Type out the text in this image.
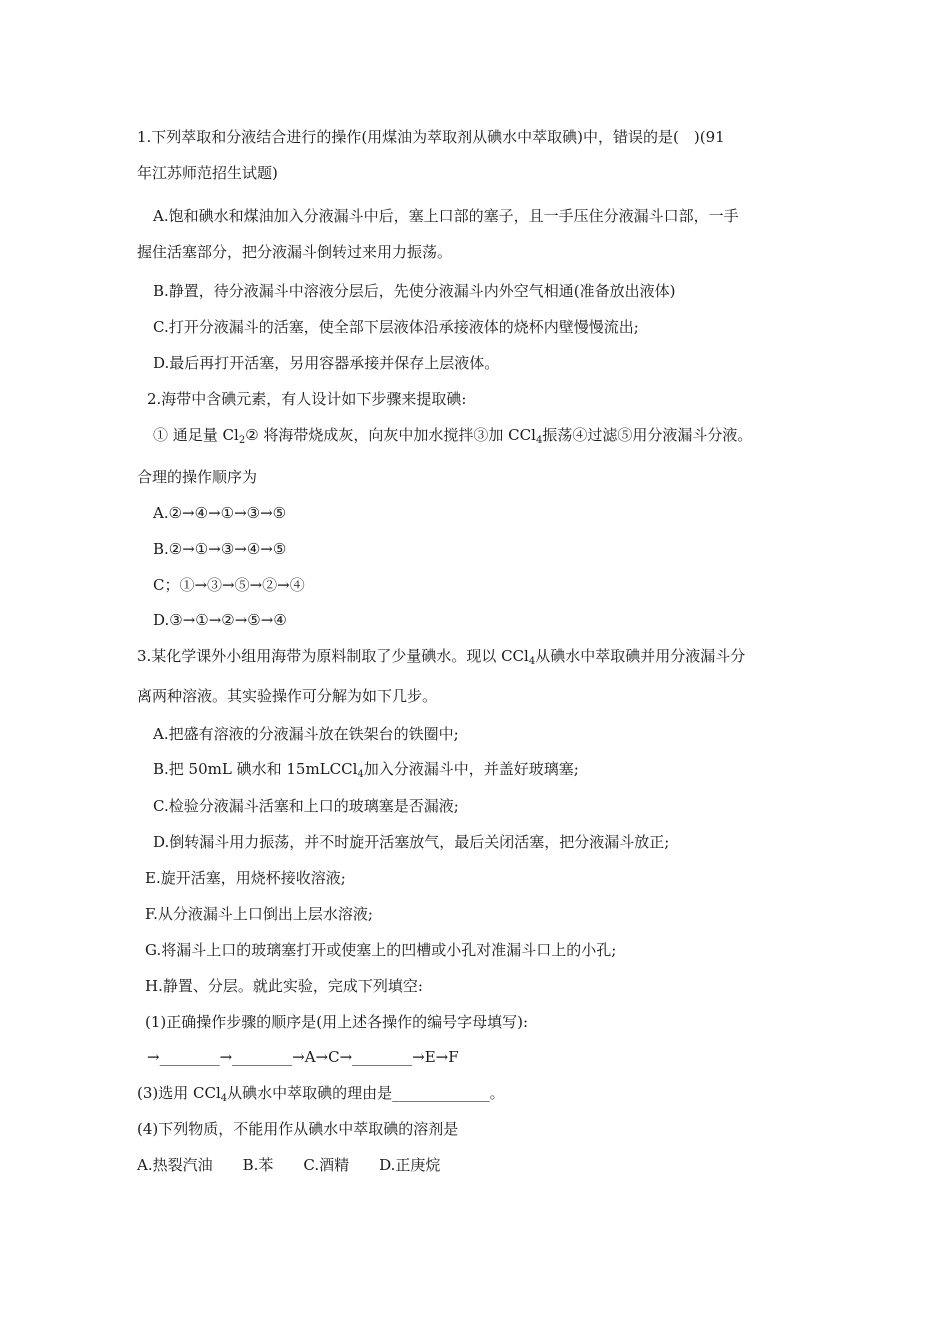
1.下列萃取和分液结合进行的操作(用煤油为萃取剂从碘水中萃取碘)中，错误的是(　)(91
年江苏师范招生试题)
A.饱和碘水和煤油加入分液漏斗中后，塞上口部的塞子，且一手压住分液漏斗口部，一手
握住活塞部分，把分液漏斗倒转过来用力振荡。
B.静置，待分液漏斗中溶液分层后，先使分液漏斗内外空气相通(准备放出液体)
C.打开分液漏斗的活塞，使全部下层液体沿承接液体的烧杯内壁慢慢流出;
D.最后再打开活塞，另用容器承接并保存上层液体。
2.海带中含碘元素，有人设计如下步骤来提取碘:
① 通足量 $Cl_2②$ 将海带烧成灰，向灰中加水搅拌③加 CCl$_4$振荡④过滤⑤用分液漏斗分液。
合理的操作顺序为
A.②→④→①→③→⑤
B.②→①→③→④→⑤
C；①→③→⑤→②→④
D.③→①→②→⑤→④
3.某化学课外小组用海带为原料制取了少量碘水。现以 CCl$_4$从碘水中萃取碘并用分液漏斗分
离两种溶液。其实验操作可分解为如下几步。
A.把盛有溶液的分液漏斗放在铁架台的铁圈中;
B.把 50mL 碘水和 15mLCCl$_4$加入分液漏斗中，并盖好玻璃塞;
C.检验分液漏斗活塞和上口的玻璃塞是否漏液;
D.倒转漏斗用力振荡，并不时旋开活塞放气，最后关闭活塞，把分液漏斗放正;
E.旋开活塞，用烧杯接收溶液;
F.从分液漏斗上口倒出上层水溶液;
G.将漏斗上口的玻璃塞打开或使塞上的凹槽或小孔对准漏斗口上的小孔;
H.静置、分层。就此实验，完成下列填空:
(1)正确操作步骤的顺序是(用上述各操作的编号字母填写):
→________→________→A→C→________→E→F
(3)选用 CCl$_4$从碘水中萃取碘的理由是_____________。
(4)下列物质，不能用作从碘水中萃取碘的溶剂是
A.热裂汽油　　B.苯　　C.酒精　　D.正庚烷
